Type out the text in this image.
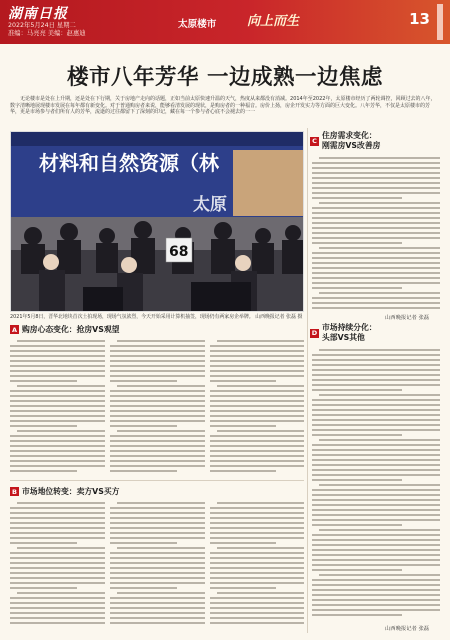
湖南日报
2022年5月24日 星期二
准编：马亮亮 美编：赵惠迪
太原楼市 向上而生	13
楼市八年芳华 一边成熟一边焦虑
无论楼市是处在上升期，还是处在下行期，关于房地产走向的话题，正如当前太原快速升温的天气，热度从来都没有消减。2014年至2022年，太原楼市经历了两轮调控，回顾过去的八年，数字清晰地展现楼市发展在每年都有新变化。对于普通购房者来说，能够看清发展的现状，是购房者的一种福音。房价上扬，房企开发实力等方面的巨大变化。八年芳华，不仅是太原楼市的芳华，更是市场参与者们所有人的芳华，流逝的过往都留下了深刻的印记，藏在每一个参与者心底不会褪去的一一
材料和自然资源（林
太原
68
2021年5月8日，晋华北地块首次土拍现场，现场气氛浓烈，今天开始采用计算机抽签，现场仍有两家房企举牌。 山西晚报记者 张磊 摄
C
住房需求变化：
刚需房VS改善房
山西晚报记者 张磊
D
市场持续分化：
头部VS其他
山西晚报记者 张磊
A 购房心态变化：抢房VS观望
B 市场地位转变：卖方VS买方
